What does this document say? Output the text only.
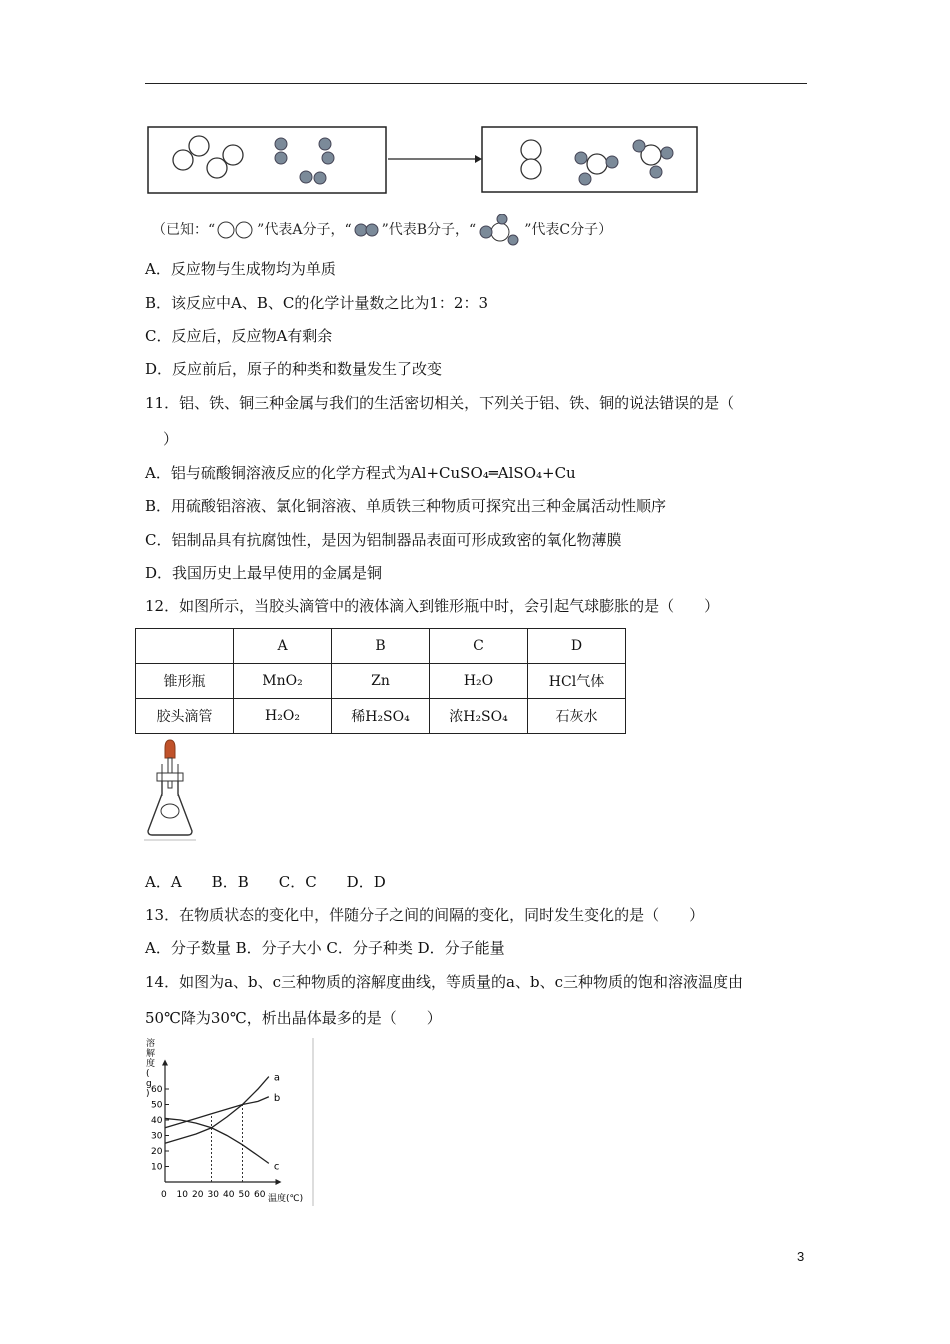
（已知：“	”代表A分子，“ ”代表B分子，“	”代表C分子）
A．反应物与生成物均为单质
B．该反应中A、B、C的化学计量数之比为1：2：3
C．反应后，反应物A有剩余
D．反应前后，原子的种类和数量发生了改变
11．铝、铁、铜三种金属与我们的生活密切相关，下列关于铝、铁、铜的说法错误的是（
）
A．铝与硫酸铜溶液反应的化学方程式为Al+CuSO₄═AlSO₄+Cu
B．用硫酸铝溶液、氯化铜溶液、单质铁三种物质可探究出三种金属活动性顺序
C．铝制品具有抗腐蚀性，是因为铝制器品表面可形成致密的氧化物薄膜
D．我国历史上最早使用的金属是铜
12．如图所示，当胶头滴管中的液体滴入到锥形瓶中时，会引起气球膨胀的是（　　）
	A	B	C	D
锥形瓶	MnO₂	Zn	H₂O	HCl气体
胶头滴管	H₂O₂	稀H₂SO₄	浓H₂SO₄	石灰水
A．A　　B．B　　C．C　　D．D
13．在物质状态的变化中，伴随分子之间的间隔的变化，同时发生变化的是（　　）
A．分子数量 B．分子大小 C．分子种类 D．分子能量
14．如图为a、b、c三种物质的溶解度曲线，等质量的a、b、c三种物质的饱和溶液温度由
50℃降为30℃，析出晶体最多的是（　　）
溶解度( g )
0 10 20 30 40 50 60
10
20
30
40
50
60
a
b
c
温度(℃)
3
